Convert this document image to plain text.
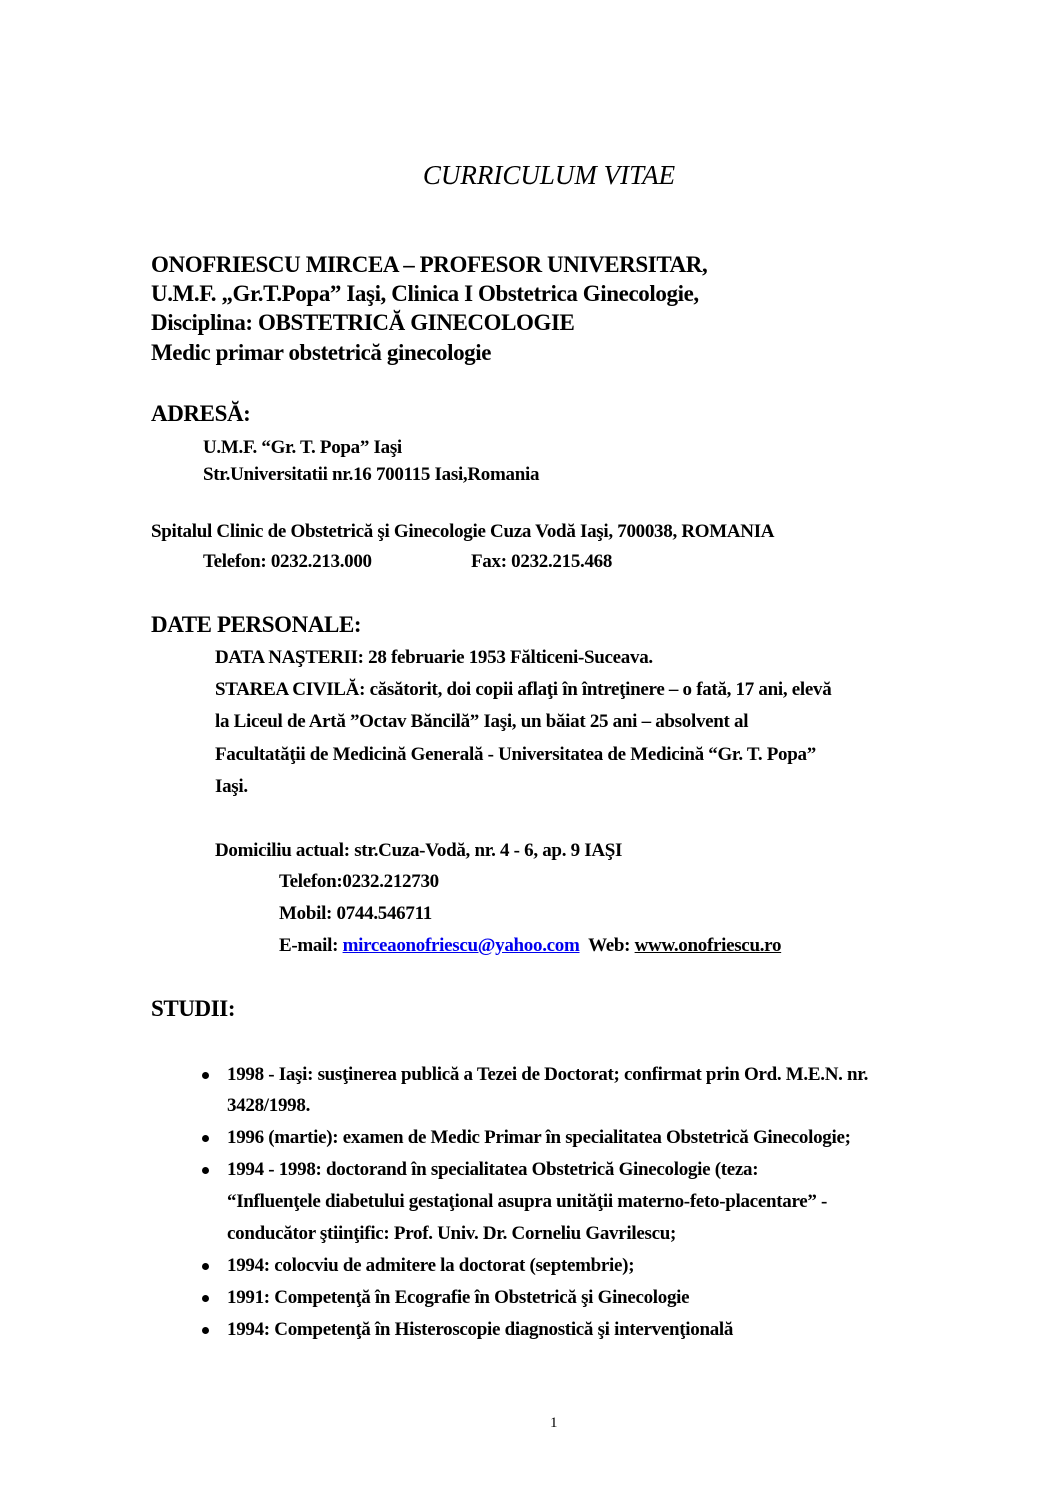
CURRICULUM VITAE
ONOFRIESCU MIRCEA – PROFESOR UNIVERSITAR,
U.M.F. „Gr.T.Popa” Iaşi, Clinica I Obstetrica Ginecologie,
Disciplina: OBSTETRICĂ GINECOLOGIE
Medic primar obstetrică ginecologie
ADRESĂ:
U.M.F. “Gr. T. Popa” Iaşi
Str.Universitatii nr.16 700115 Iasi,Romania
Spitalul Clinic de Obstetrică şi Ginecologie Cuza Vodă Iaşi, 700038, ROMANIA
Telefon: 0232.213.000	Fax: 0232.215.468
DATE PERSONALE:
DATA NAŞTERII: 28 februarie 1953 Fălticeni-Suceava.
STAREA CIVILĂ: căsătorit, doi copii aflaţi în întreţinere – o fată, 17 ani, elevă
la Liceul de Artă ”Octav Băncilă” Iaşi, un băiat 25 ani – absolvent al
Facultatăţii de Medicină Generală - Universitatea de Medicină “Gr. T. Popa”
Iaşi.
Domiciliu actual: str.Cuza-Vodă, nr. 4 - 6, ap. 9 IAŞI
Telefon:0232.212730
Mobil: 0744.546711
E-mail: mirceaonofriescu@yahoo.com Web: www.onofriescu.ro
STUDII:
1998 - Iaşi: susţinerea publică a Tezei de Doctorat; confirmat prin Ord. M.E.N. nr.
3428/1998.
1996 (martie): examen de Medic Primar în specialitatea Obstetrică Ginecologie;
1994 - 1998: doctorand în specialitatea Obstetrică Ginecologie (teza:
“Influenţele diabetului gestaţional asupra unităţii materno-feto-placentare” -
conducător ştiinţific: Prof. Univ. Dr. Corneliu Gavrilescu;
1994: colocviu de admitere la doctorat (septembrie);
1991: Competenţă în Ecografie în Obstetrică şi Ginecologie
1994: Competenţă în Histeroscopie diagnostică şi intervenţională
1
